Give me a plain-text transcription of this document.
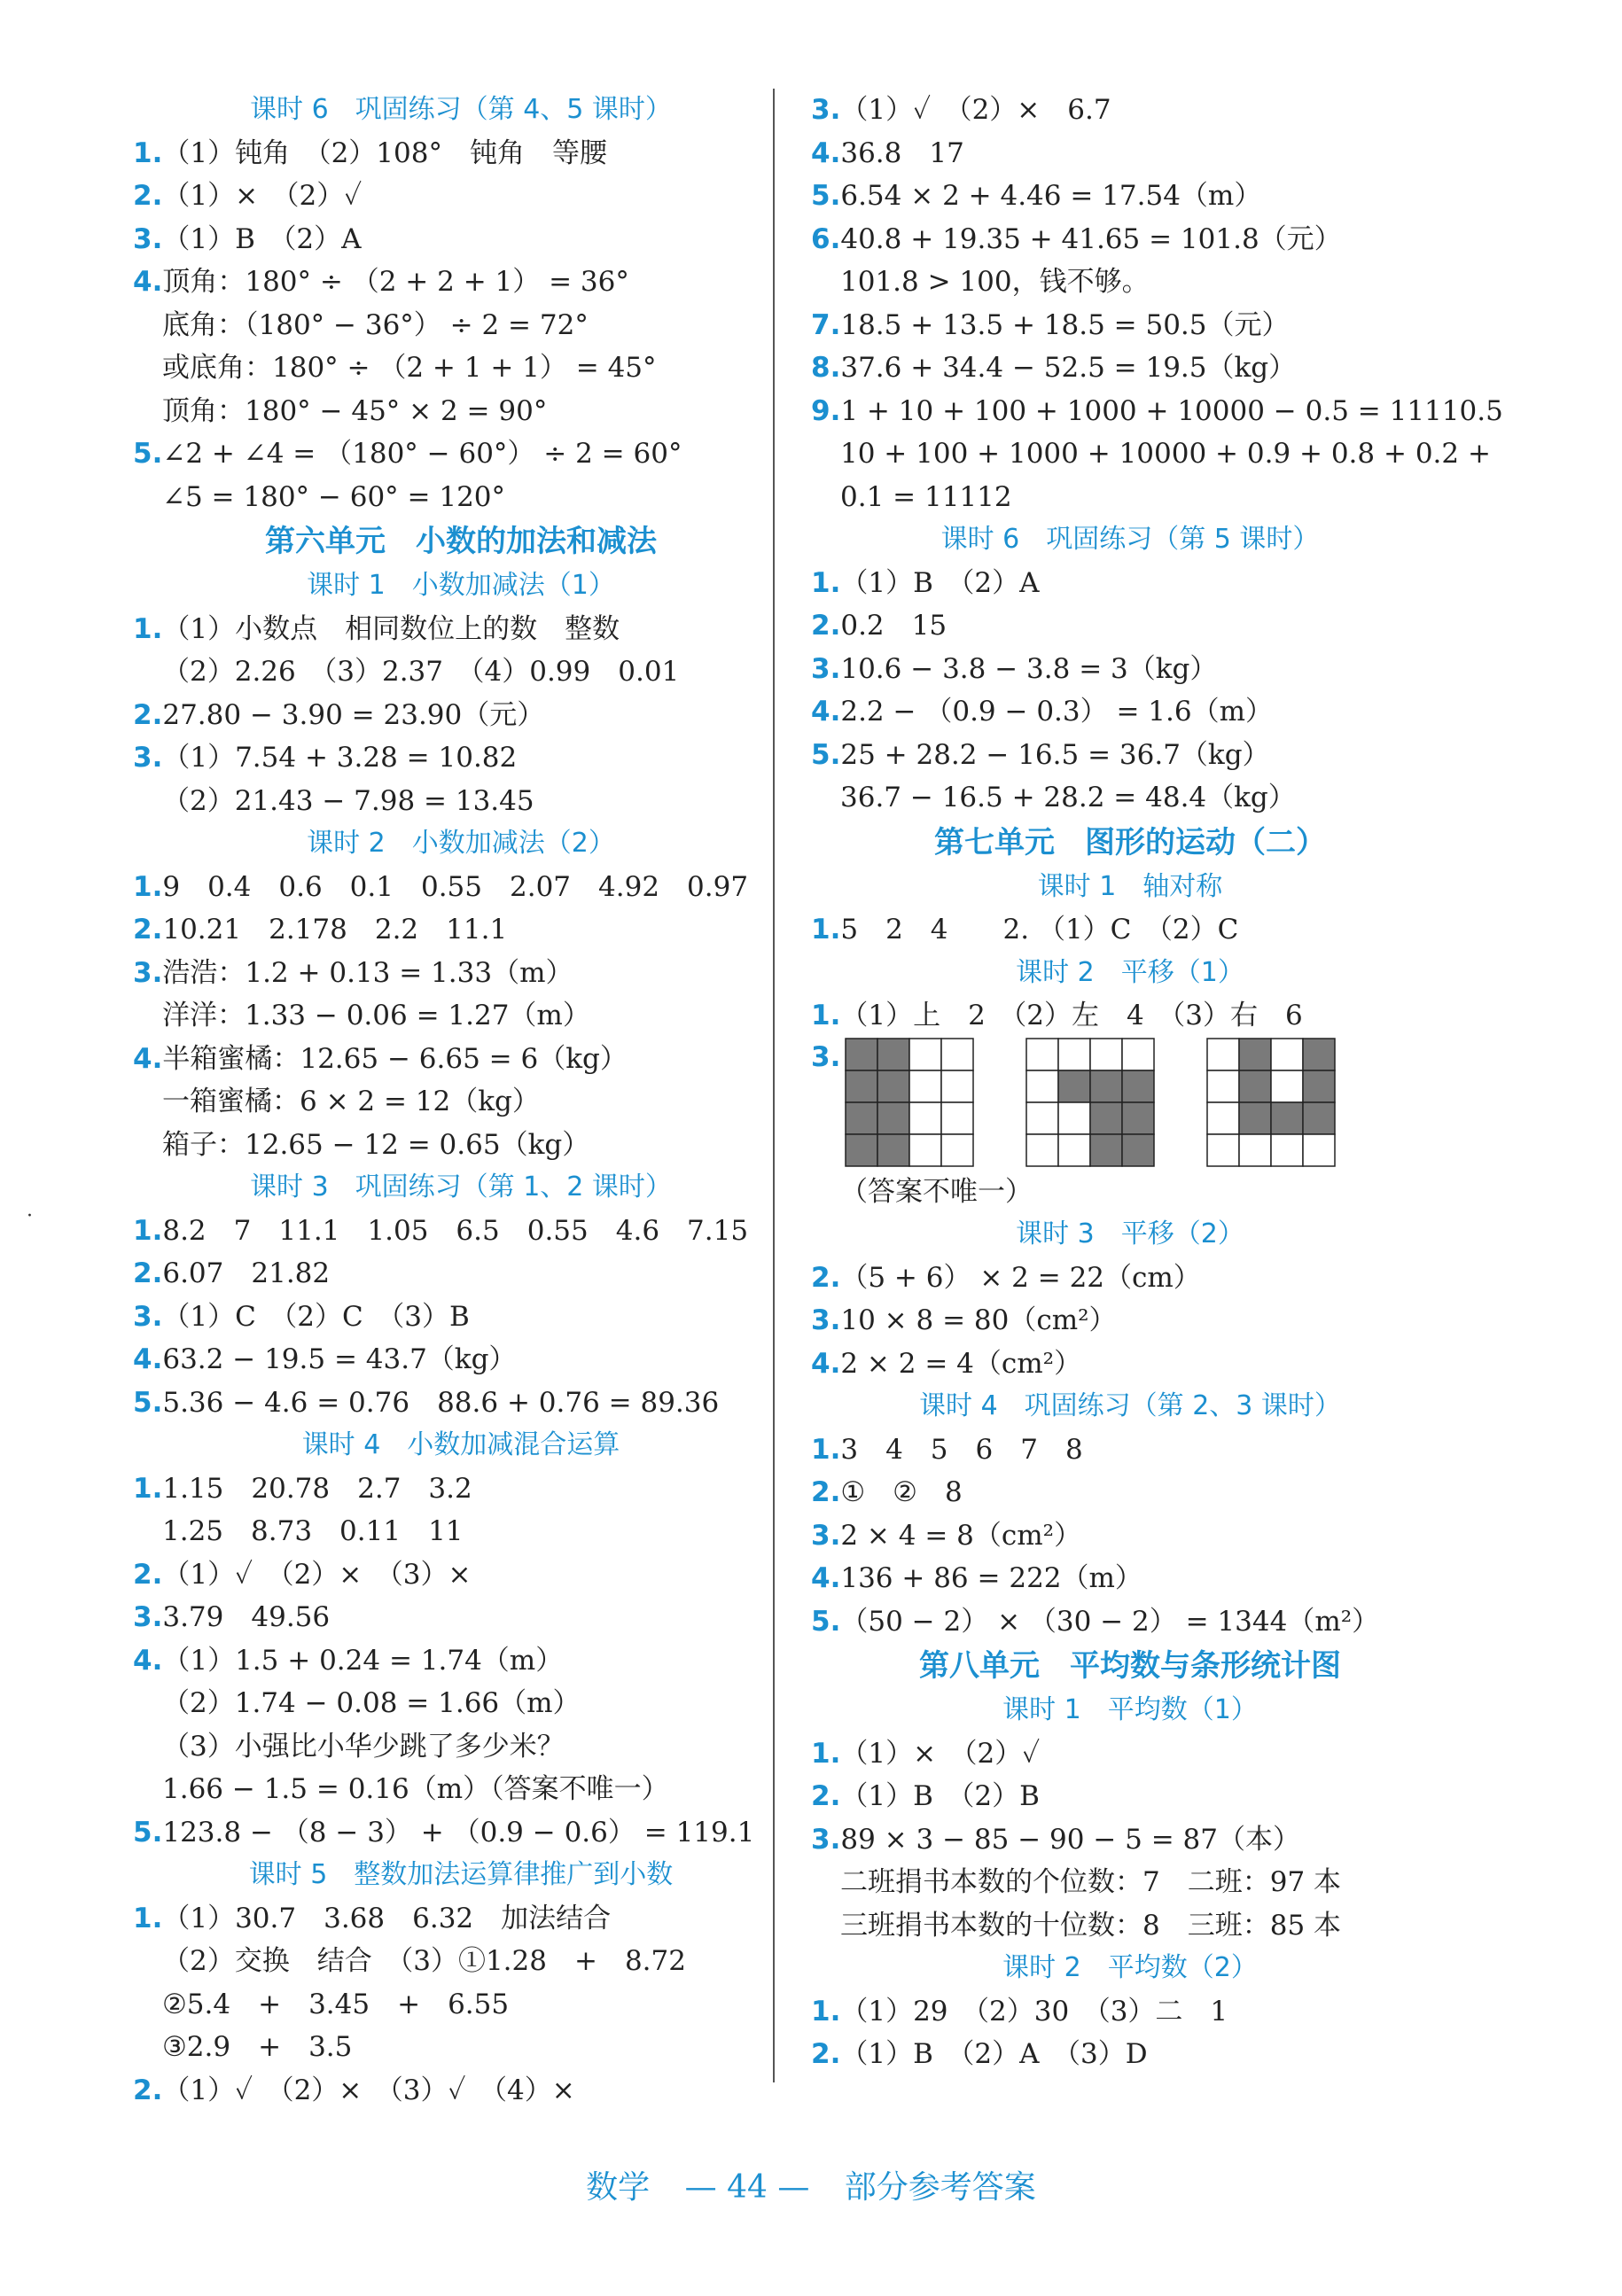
课时 6　巩固练习（第 4、5 课时）
1.（1）钝角　（2）108°　钝角　等腰
2.（1）×　（2）✓
3.（1）B　（2）A
4.顶角：180° ÷ （2 + 2 + 1） = 36°
底角：（180° − 36°） ÷ 2 = 72°
或底角：180° ÷ （2 + 1 + 1） = 45°
顶角：180° − 45° × 2 = 90°
5.∠2 + ∠4 = （180° − 60°） ÷ 2 = 60°
∠5 = 180° − 60° = 120°
第六单元　小数的加法和减法
课时 1　小数加减法（1）
1.（1）小数点　相同数位上的数　整数
（2）2.26　（3）2.37　（4）0.99　0.01
2.27.80 − 3.90 = 23.90（元）
3.（1）7.54 + 3.28 = 10.82
（2）21.43 − 7.98 = 13.45
课时 2　小数加减法（2）
1.9　0.4　0.6　0.1　0.55　2.07　4.92　0.97
2.10.21　2.178　2.2　11.1
3.浩浩：1.2 + 0.13 = 1.33（m）
洋洋：1.33 − 0.06 = 1.27（m）
4.半箱蜜橘：12.65 − 6.65 = 6（kg）
一箱蜜橘：6 × 2 = 12（kg）
箱子：12.65 − 12 = 0.65（kg）
课时 3　巩固练习（第 1、2 课时）
1.8.2　7　11.1　1.05　6.5　0.55　4.6　7.15
2.6.07　21.82
3.（1）C　（2）C　（3）B
4.63.2 − 19.5 = 43.7（kg）
5.5.36 − 4.6 = 0.76　88.6 + 0.76 = 89.36
课时 4　小数加减混合运算
1.1.15　20.78　2.7　3.2
1.25　8.73　0.11　11
2.（1）✓　（2）×　（3）×
3.3.79　49.56
4.（1）1.5 + 0.24 = 1.74（m）
（2）1.74 − 0.08 = 1.66（m）
（3）小强比小华少跳了多少米？
1.66 − 1.5 = 0.16（m）（答案不唯一）
5.123.8 − （8 − 3） + （0.9 − 0.6） = 119.1
课时 5　整数加法运算律推广到小数
1.（1）30.7　3.68　6.32　加法结合
（2）交换　结合　（3）①1.28　+　8.72
②5.4　+　3.45　+　6.55
③2.9　+　3.5
2.（1）✓　（2）×　（3）✓　（4）×
3.（1）✓　（2）×　6.7
4.36.8　17
5.6.54 × 2 + 4.46 = 17.54（m）
6.40.8 + 19.35 + 41.65 = 101.8（元）
101.8 > 100，钱不够。
7.18.5 + 13.5 + 18.5 = 50.5（元）
8.37.6 + 34.4 − 52.5 = 19.5（kg）
9.1 + 10 + 100 + 1000 + 10000 − 0.5 = 11110.5
10 + 100 + 1000 + 10000 + 0.9 + 0.8 + 0.2 +
0.1 = 11112
课时 6　巩固练习（第 5 课时）
1.（1）B　（2）A
2.0.2　15
3.10.6 − 3.8 − 3.8 = 3（kg）
4.2.2 − （0.9 − 0.3） = 1.6（m）
5.25 + 28.2 − 16.5 = 36.7（kg）
36.7 − 16.5 + 28.2 = 48.4（kg）
第七单元　图形的运动（二）
课时 1　轴对称
1.5　2　4　　2. （1）C　（2）C
课时 2　平移（1）
1.（1）上　2　（2）左　4　（3）右　6
3.
（答案不唯一）
课时 3　平移（2）
2.（5 + 6） × 2 = 22（cm）
3.10 × 8 = 80（cm²）
4.2 × 2 = 4（cm²）
课时 4　巩固练习（第 2、3 课时）
1.3　4　5　6　7　8
2.①　②　8
3.2 × 4 = 8（cm²）
4.136 + 86 = 222（m）
5.（50 − 2） × （30 − 2） = 1344（m²）
第八单元　平均数与条形统计图
课时 1　平均数（1）
1.（1）×　（2）✓
2.（1）B　（2）B
3.89 × 3 − 85 − 90 − 5 = 87（本）
二班捐书本数的个位数：7　二班：97 本
三班捐书本数的十位数：8　三班：85 本
课时 2　平均数（2）
1.（1）29　（2）30　（3）二　1
2.（1）B　（2）A　（3）D
·
数学 — 44 — 部分参考答案
